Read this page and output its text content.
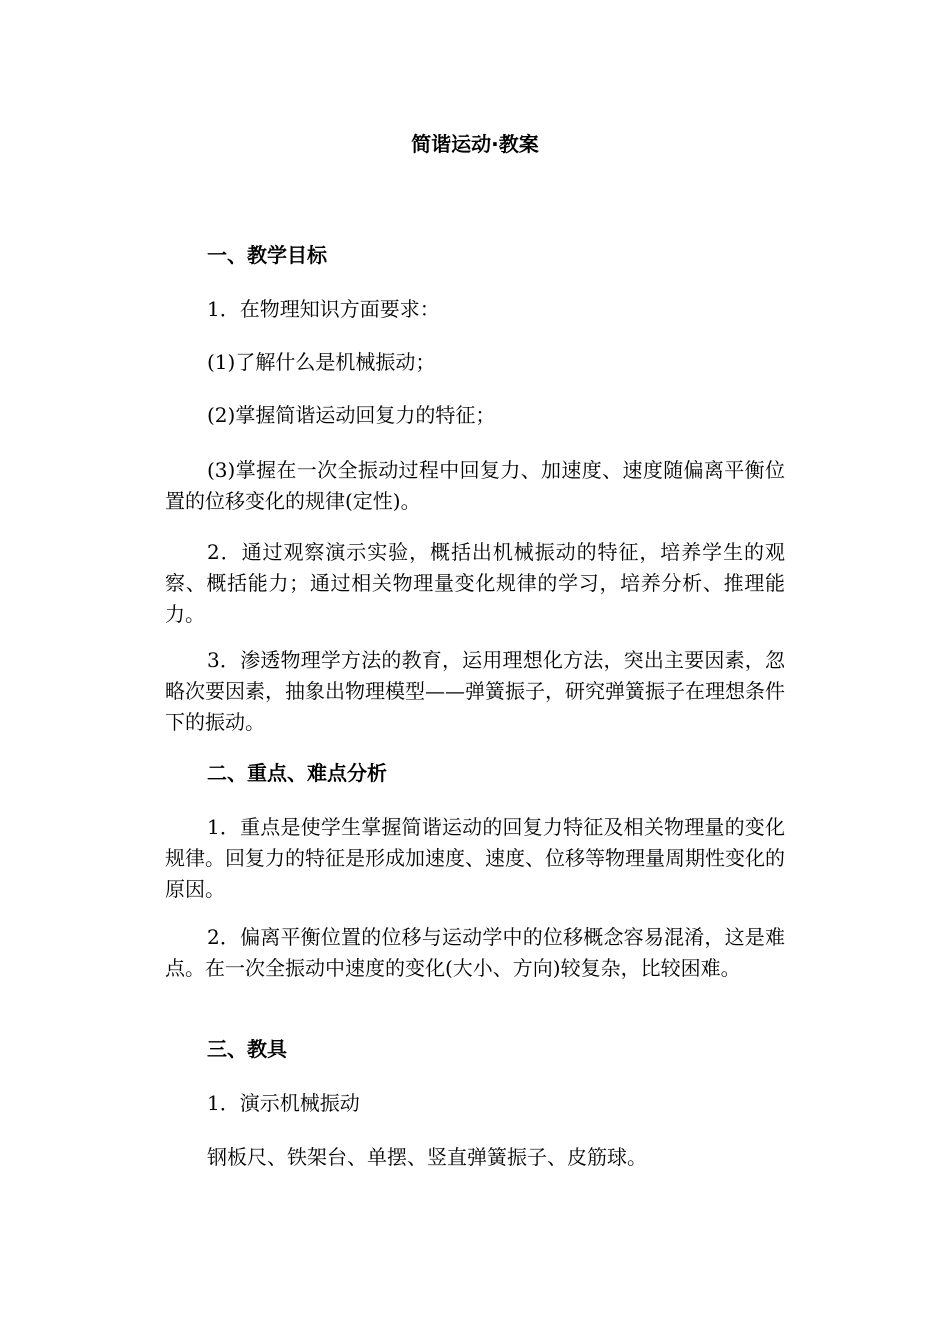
简谐运动·教案

一、教学目标

1．在物理知识方面要求：

(1)了解什么是机械振动；

(2)掌握简谐运动回复力的特征；

(3)掌握在一次全振动过程中回复力、加速度、速度随偏离平衡位置的位移变化的规律(定性)。

2．通过观察演示实验，概括出机械振动的特征，培养学生的观察、概括能力；通过相关物理量变化规律的学习，培养分析、推理能力。

3．渗透物理学方法的教育，运用理想化方法，突出主要因素，忽略次要因素，抽象出物理模型——弹簧振子，研究弹簧振子在理想条件下的振动。

二、重点、难点分析

1．重点是使学生掌握简谐运动的回复力特征及相关物理量的变化规律。回复力的特征是形成加速度、速度、位移等物理量周期性变化的原因。

2．偏离平衡位置的位移与运动学中的位移概念容易混淆，这是难点。在一次全振动中速度的变化(大小、方向)较复杂，比较困难。

三、教具

1．演示机械振动

钢板尺、铁架台、单摆、竖直弹簧振子、皮筋球。
